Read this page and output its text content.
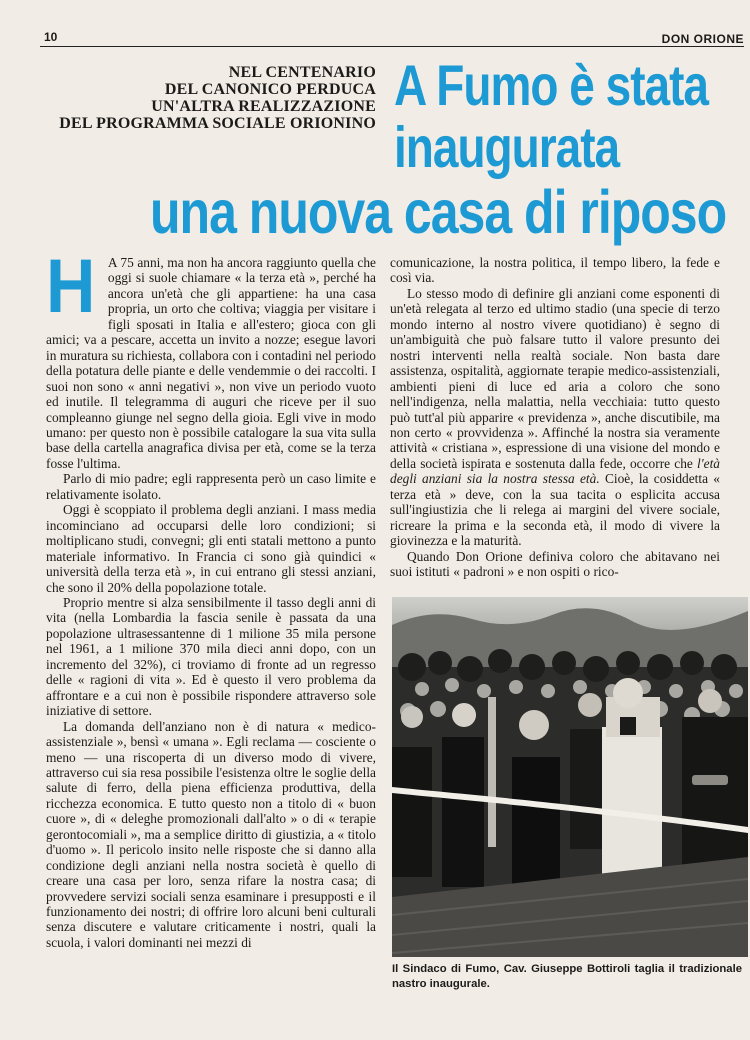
10	DON ORIONE
NEL CENTENARIO
DEL CANONICO PERDUCA
UN'ALTRA REALIZZAZIONE
DEL PROGRAMMA SOCIALE ORIONINO
A Fumo è stata
inaugurata
una nuova casa di riposo
H A 75 anni, ma non ha ancora raggiunto quella che oggi si suole chiamare « la terza età », perché ha ancora un'età che gli appartiene: ha una casa propria, un orto che coltiva; viaggia per visitare i figli sposati in Italia e all'estero; gioca con gli amici; va a pescare, accetta un invito a nozze; esegue lavori in muratura su richiesta, collabora con i contadini nel periodo della potatura delle piante e delle vendemmie o dei raccolti. I suoi non sono « anni negativi », non vive un periodo vuoto ed inutile. Il telegramma di auguri che riceve per il suo compleanno giunge nel segno della gioia. Egli vive in modo umano: per questo non è possibile catalogare la sua vita sulla base della cartella anagrafica divisa per età, come se la terza fosse l'ultima.

Parlo di mio padre; egli rappresenta però un caso limite e relativamente isolato.

Oggi è scoppiato il problema degli anziani. I mass media incominciano ad occuparsi delle loro condizioni; si moltiplicano studi, convegni; gli enti statali mettono a punto materiale informativo. In Francia ci sono già quindici « università della terza età », in cui entrano gli stessi anziani, che sono il 20% della popolazione totale.

Proprio mentre si alza sensibilmente il tasso degli anni di vita (nella Lombardia la fascia senile è passata da una popolazione ultrasessantenne di 1 milione 35 mila persone nel 1961, a 1 milione 370 mila dieci anni dopo, con un incremento del 32%), ci troviamo di fronte ad un regresso delle « ragioni di vita ». Ed è questo il vero problema da affrontare e a cui non è possibile rispondere attraverso sole iniziative di settore.

La domanda dell'anziano non è di natura « medico-assistenziale », bensì « umana ». Egli reclama — cosciente o meno — una riscoperta di un diverso modo di vivere, attraverso cui sia resa possibile l'esistenza oltre le soglie della salute di ferro, della piena efficienza produttiva, della ricchezza economica. E tutto questo non a titolo di « buon cuore », di « deleghe promozionali dall'alto » o di « terapie gerontocomiali », ma a semplice diritto di giustizia, a « titolo d'uomo ». Il pericolo insito nelle risposte che si danno alla condizione degli anziani nella nostra società è quello di creare una casa per loro, senza rifare la nostra casa; di provvedere servizi sociali senza esaminare i presupposti e il funzionamento dei nostri; di offrire loro alcuni beni culturali senza discutere e valutare criticamente i nostri, quali la scuola, i valori dominanti nei mezzi di

comunicazione, la nostra politica, il tempo libero, la fede e così via.

Lo stesso modo di definire gli anziani come esponenti di un'età relegata al terzo ed ultimo stadio (una specie di terzo mondo interno al nostro vivere quotidiano) è segno di un'ambiguità che può falsare tutto il valore presunto dei nostri interventi nella realtà sociale. Non basta dare assistenza, ospitalità, aggiornate terapie medico-assistenziali, ambienti pieni di luce ed aria a coloro che sono nell'indigenza, nella malattia, nella vecchiaia: tutto questo può tutt'al più apparire « previdenza », anche discutibile, ma non certo « provvidenza ». Affinché la nostra sia veramente attività « cristiana », espressione di una visione del mondo e della società ispirata e sostenuta dalla fede, occorre che l'età degli anziani sia la nostra stessa età. Cioè, la cosiddetta « terza età » deve, con la sua tacita o esplicita accusa sull'ingiustizia che li relega ai margini del vivere sociale, ricreare la prima e la seconda età, il modo di vivere la giovinezza e la maturità.

Quando Don Orione definiva coloro che abitavano nei suoi istituti « padroni » e non ospiti o rico-

Il Sindaco di Fumo, Cav. Giuseppe Bottiroli taglia il tradizionale nastro inaugurale.
